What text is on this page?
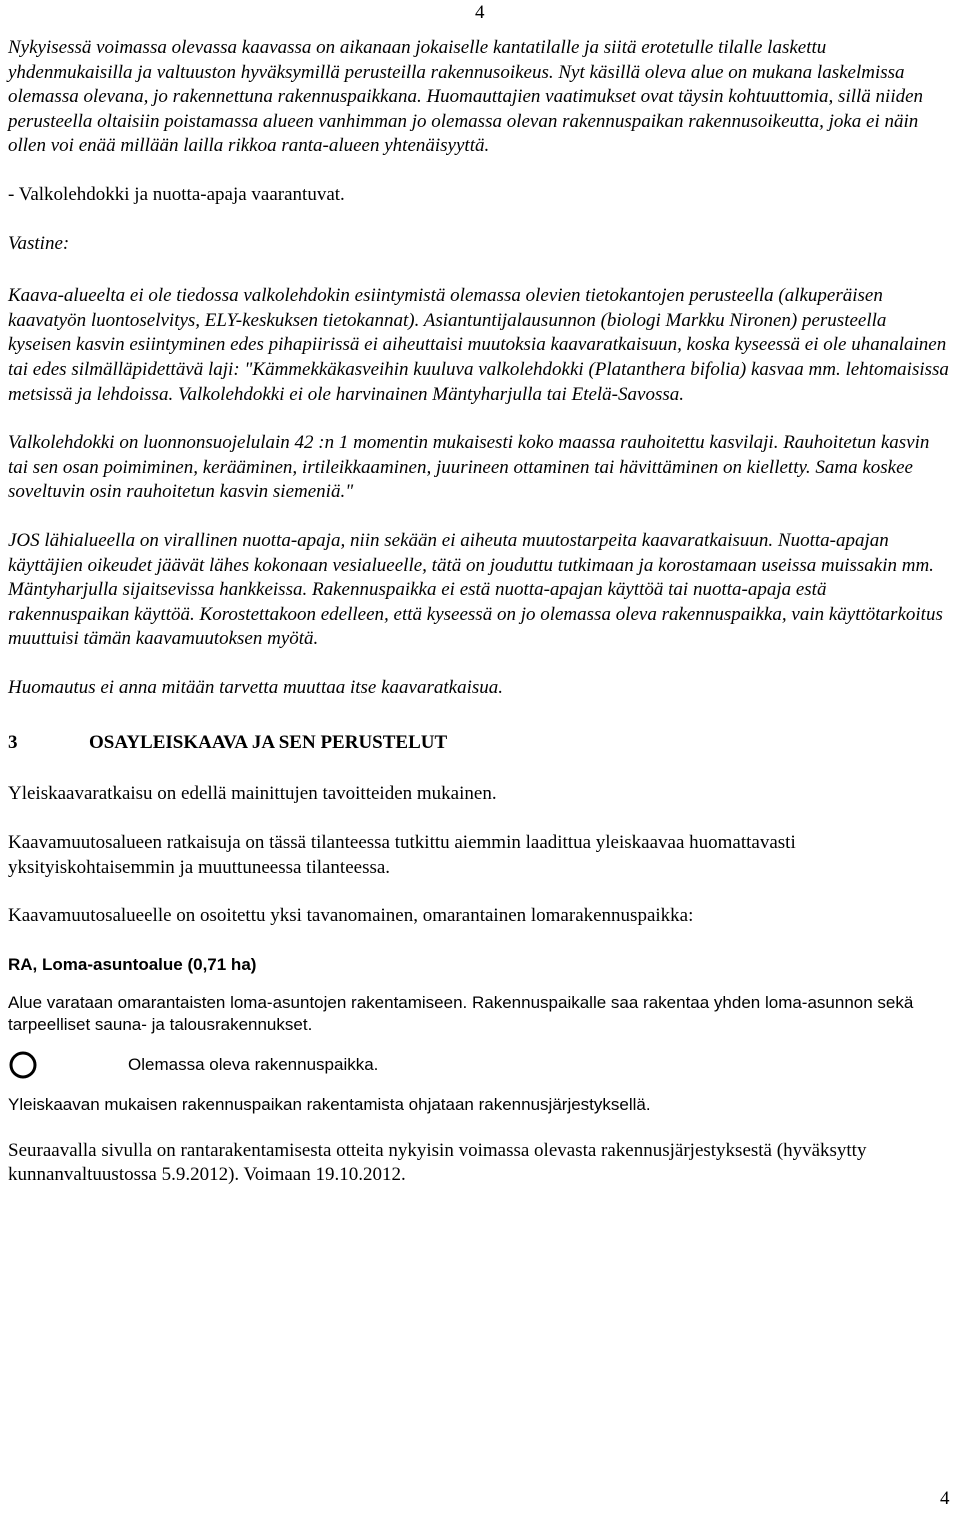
4

Nykyisessä voimassa olevassa kaavassa on aikanaan jokaiselle kantatilalle ja siitä erotetulle tilalle laskettu yhdenmukaisilla ja valtuuston hyväksymillä perusteilla rakennusoikeus. Nyt käsillä oleva alue on mukana laskelmissa olemassa olevana, jo rakennettuna rakennuspaikkana. Huomauttajien vaatimukset ovat täysin kohtuuttomia, sillä niiden perusteella oltaisiin poistamassa alueen vanhimman jo olemassa olevan rakennuspaikan rakennusoikeutta, joka ei näin ollen voi enää millään lailla rikkoa ranta-alueen yhtenäisyyttä.

- Valkolehdokki ja nuotta-apaja vaarantuvat.

Vastine:

Kaava-alueelta ei ole tiedossa valkolehdokin esiintymistä olemassa olevien tietokantojen perusteella (alkuperäisen kaavatyön luontoselvitys, ELY-keskuksen tietokannat). Asiantuntijalausunnon (biologi Markku Nironen) perusteella kyseisen kasvin esiintyminen edes pihapiirissä ei aiheuttaisi muutoksia kaavaratkaisuun, koska kyseessä ei ole uhanalainen tai edes silmälläpidettävä laji: "Kämmekkäkasveihin kuuluva valkolehdokki (Platanthera bifolia) kasvaa mm. lehtomaisissa metsissä ja lehdoissa. Valkolehdokki ei ole harvinainen Mäntyharjulla tai Etelä-Savossa.

Valkolehdokki on luonnonsuojelulain 42 :n 1 momentin mukaisesti koko maassa rauhoitettu kasvilaji. Rauhoitetun kasvin tai sen osan poimiminen, kerääminen, irtileikkaaminen, juurineen ottaminen tai hävittäminen on kielletty. Sama koskee soveltuvin osin rauhoitetun kasvin siemeniä."

JOS lähialueella on virallinen nuotta-apaja, niin sekään ei aiheuta muutostarpeita kaavaratkaisuun. Nuotta-apajan käyttäjien oikeudet jäävät lähes kokonaan vesialueelle, tätä on jouduttu tutkimaan ja korostamaan useissa muissakin mm. Mäntyharjulla sijaitsevissa hankkeissa. Rakennuspaikka ei estä nuotta-apajan käyttöä tai nuotta-apaja estä rakennuspaikan käyttöä. Korostettakoon edelleen, että kyseessä on jo olemassa oleva rakennuspaikka, vain käyttötarkoitus muuttuisi tämän kaavamuutoksen myötä.

Huomautus ei anna mitään tarvetta muuttaa itse kaavaratkaisua.

3	OSAYLEISKAAVA JA SEN PERUSTELUT

Yleiskaavaratkaisu on edellä mainittujen tavoitteiden mukainen.

Kaavamuutosalueen ratkaisuja on tässä tilanteessa tutkittu aiemmin laadittua yleiskaavaa huomattavasti yksityiskohtaisemmin ja muuttuneessa tilanteessa.

Kaavamuutosalueelle on osoitettu yksi tavanomainen, omarantainen lomarakennuspaikka:

RA, Loma-asuntoalue (0,71 ha)

Alue varataan omarantaisten loma-asuntojen rakentamiseen. Rakennuspaikalle saa rakentaa yhden loma-asunnon sekä tarpeelliset sauna- ja talousrakennukset.

Olemassa oleva rakennuspaikka.

Yleiskaavan mukaisen rakennuspaikan rakentamista ohjataan rakennusjärjestyksellä.

Seuraavalla sivulla on rantarakentamisesta otteita nykyisin voimassa olevasta rakennusjärjestyksestä (hyväksytty kunnanvaltuustossa 5.9.2012). Voimaan 19.10.2012.

4
